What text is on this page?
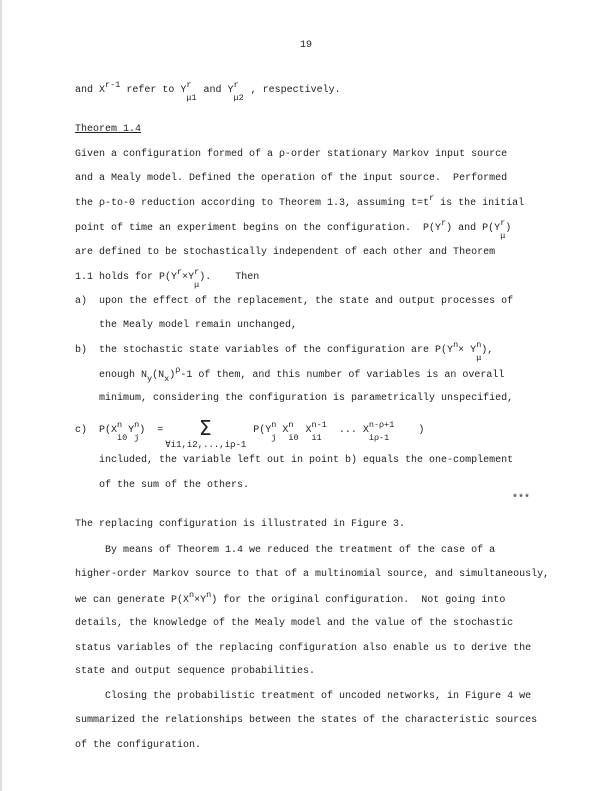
19
and $X^{r-1}$ refer to Y r
μ1
and Y r
μ2
, respectively.
Theorem 1.4
Given a configuration formed of a ρ-order stationary Markov input source
and a Mealy model. Defined the operation of the input source.  Performed
the ρ-to-0 reduction according to Theorem 1.3, assuming $t=t^r$ is the initial
point of time an experiment begins on the configuration.  $P(Y^r)$ and P(Y r
μ
)
are defined to be stochastically independent of each other and Theorem
1.1 holds for $P(Y^r\times Y$ r
μ
).    Then
a)  upon the effect of the replacement, the state and output processes of
the Mealy model remain unchanged,
b)  the stochastic state variables of the configuration are $P(Y^n\times Y$ n
μ
),
enough $N_y(N_x)^\rho-1$ of them, and this number of variables is an overall
minimum, considering the configuration is parametrically unspecified,
c)  P(X n
i0
Y n
j
)  =  Σ
∀i1,i2,...,iρ-1
P(Y n
j
X n
i0
X n-1
i1
... X n-ρ+1
iρ-1
)
included, the variable left out in point b) equals the one-complement
of the sum of the others.
***
The replacing configuration is illustrated in Figure 3.
By means of Theorem 1.4 we reduced the treatment of the case of a
higher-order Markov source to that of a multinomial source, and simultaneously,
we can generate $P(X^n\times Y^n)$ for the original configuration.  Not going into
details, the knowledge of the Mealy model and the value of the stochastic
status variables of the replacing configuration also enable us to derive the
state and output sequence probabilities.
Closing the probabilistic treatment of uncoded networks, in Figure 4 we
summarized the relationships between the states of the characteristic sources
of the configuration.
